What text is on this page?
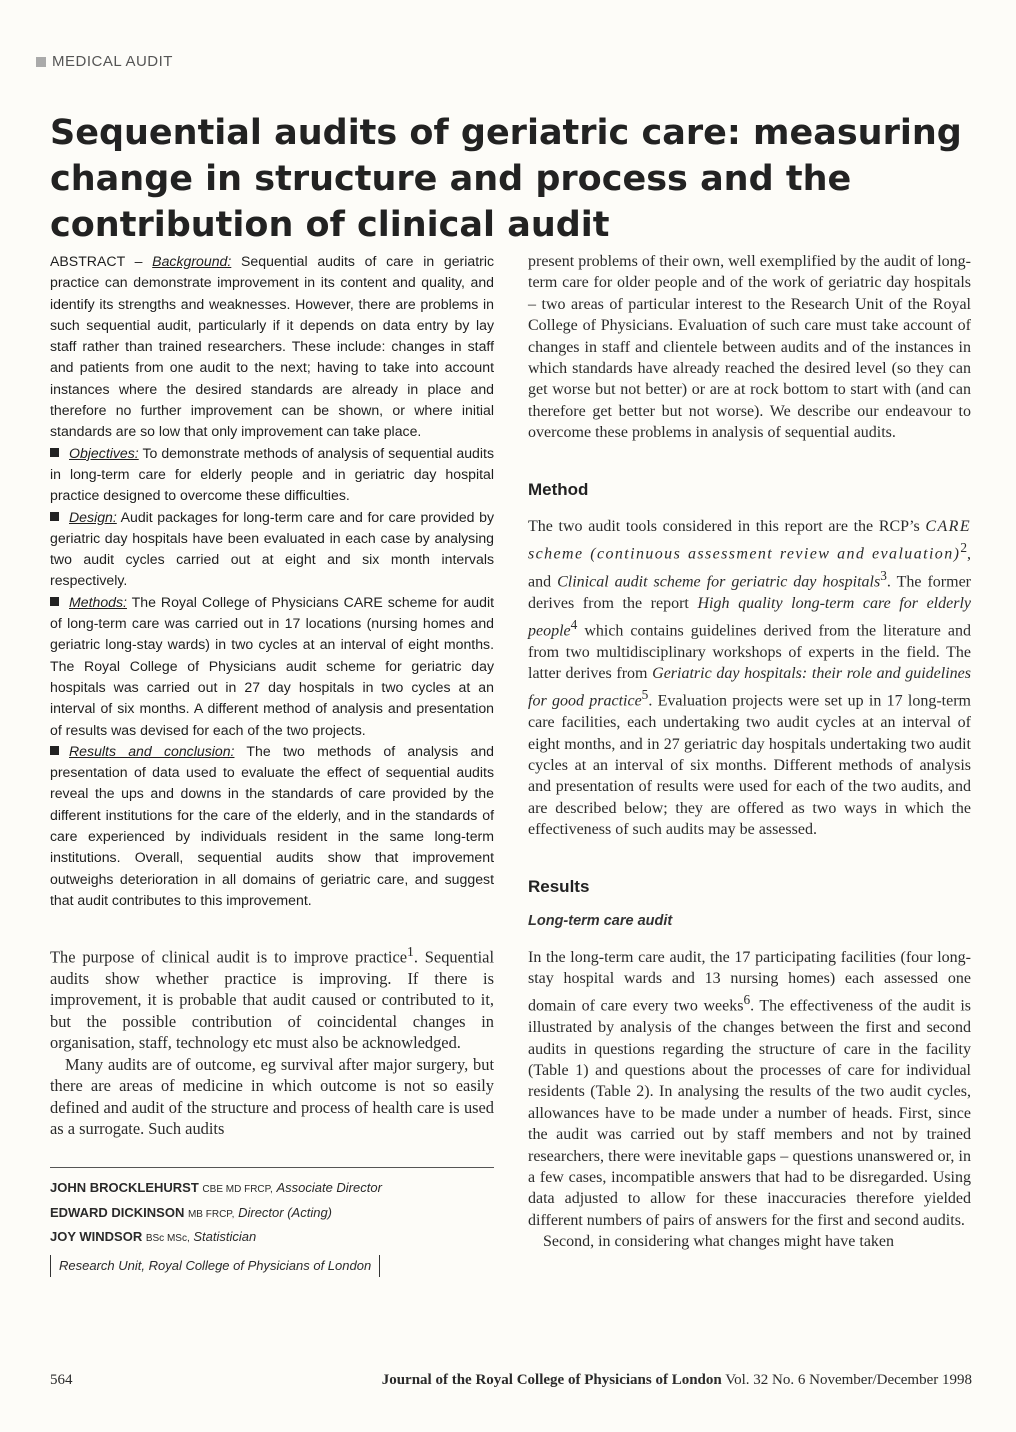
MEDICAL AUDIT
Sequential audits of geriatric care: measuring change in structure and process and the contribution of clinical audit

ABSTRACT – Background: Sequential audits of care in geriatric practice can demonstrate improvement in its content and quality, and identify its strengths and weaknesses. However, there are problems in such sequential audit, particularly if it depends on data entry by lay staff rather than trained researchers. These include: changes in staff and patients from one audit to the next; having to take into account instances where the desired standards are already in place and therefore no further improvement can be shown, or where initial standards are so low that only improvement can take place.

Objectives: To demonstrate methods of analysis of sequential audits in long-term care for elderly people and in geriatric day hospital practice designed to overcome these difficulties.

Design: Audit packages for long-term care and for care provided by geriatric day hospitals have been evaluated in each case by analysing two audit cycles carried out at eight and six month intervals respectively.

Methods: The Royal College of Physicians CARE scheme for audit of long-term care was carried out in 17 locations (nursing homes and geriatric long-stay wards) in two cycles at an interval of eight months. The Royal College of Physicians audit scheme for geriatric day hospitals was carried out in 27 day hospitals in two cycles at an interval of six months. A different method of analysis and presentation of results was devised for each of the two projects.

Results and conclusion: The two methods of analysis and presentation of data used to evaluate the effect of sequential audits reveal the ups and downs in the standards of care provided by the different institutions for the care of the elderly, and in the standards of care experienced by individuals resident in the same long-term institutions. Overall, sequential audits show that improvement outweighs deterioration in all domains of geriatric care, and suggest that audit contributes to this improvement.

The purpose of clinical audit is to improve practice$^1$. Sequential audits show whether practice is improving. If there is improvement, it is probable that audit caused or contributed to it, but the possible contribution of coincidental changes in organisation, staff, technology etc must also be acknowledged.

Many audits are of outcome, eg survival after major surgery, but there are areas of medicine in which outcome is not so easily defined and audit of the structure and process of health care is used as a surrogate. Such audits

JOHN BROCKLEHURST CBE MD FRCP, Associate Director
EDWARD DICKINSON MB FRCP, Director (Acting)
JOY WINDSOR BSc MSc, Statistician
Research Unit, Royal College of Physicians of London

present problems of their own, well exemplified by the audit of long-term care for older people and of the work of geriatric day hospitals – two areas of particular interest to the Research Unit of the Royal College of Physicians. Evaluation of such care must take account of changes in staff and clientele between audits and of the instances in which standards have already reached the desired level (so they can get worse but not better) or are at rock bottom to start with (and can therefore get better but not worse). We describe our endeavour to overcome these problems in analysis of sequential audits.

Method

The two audit tools considered in this report are the RCP’s CARE scheme (continuous assessment review and evaluation)$^2$, and Clinical audit scheme for geriatric day hospitals$^3$. The former derives from the report High quality long-term care for elderly people$^4$ which contains guidelines derived from the literature and from two multidisciplinary workshops of experts in the field. The latter derives from Geriatric day hospitals: their role and guidelines for good practice$^5$. Evaluation projects were set up in 17 long-term care facilities, each undertaking two audit cycles at an interval of eight months, and in 27 geriatric day hospitals undertaking two audit cycles at an interval of six months. Different methods of analysis and presentation of results were used for each of the two audits, and are described below; they are offered as two ways in which the effectiveness of such audits may be assessed.

Results
Long-term care audit

In the long-term care audit, the 17 participating facilities (four long-stay hospital wards and 13 nursing homes) each assessed one domain of care every two weeks$^6$. The effectiveness of the audit is illustrated by analysis of the changes between the first and second audits in questions regarding the structure of care in the facility (Table 1) and questions about the processes of care for individual residents (Table 2). In analysing the results of the two audit cycles, allowances have to be made under a number of heads. First, since the audit was carried out by staff members and not by trained researchers, there were inevitable gaps – questions unanswered or, in a few cases, incompatible answers that had to be disregarded. Using data adjusted to allow for these inaccuracies therefore yielded different numbers of pairs of answers for the first and second audits.

Second, in considering what changes might have taken

564	Journal of the Royal College of Physicians of London Vol. 32 No. 6 November/December 1998
